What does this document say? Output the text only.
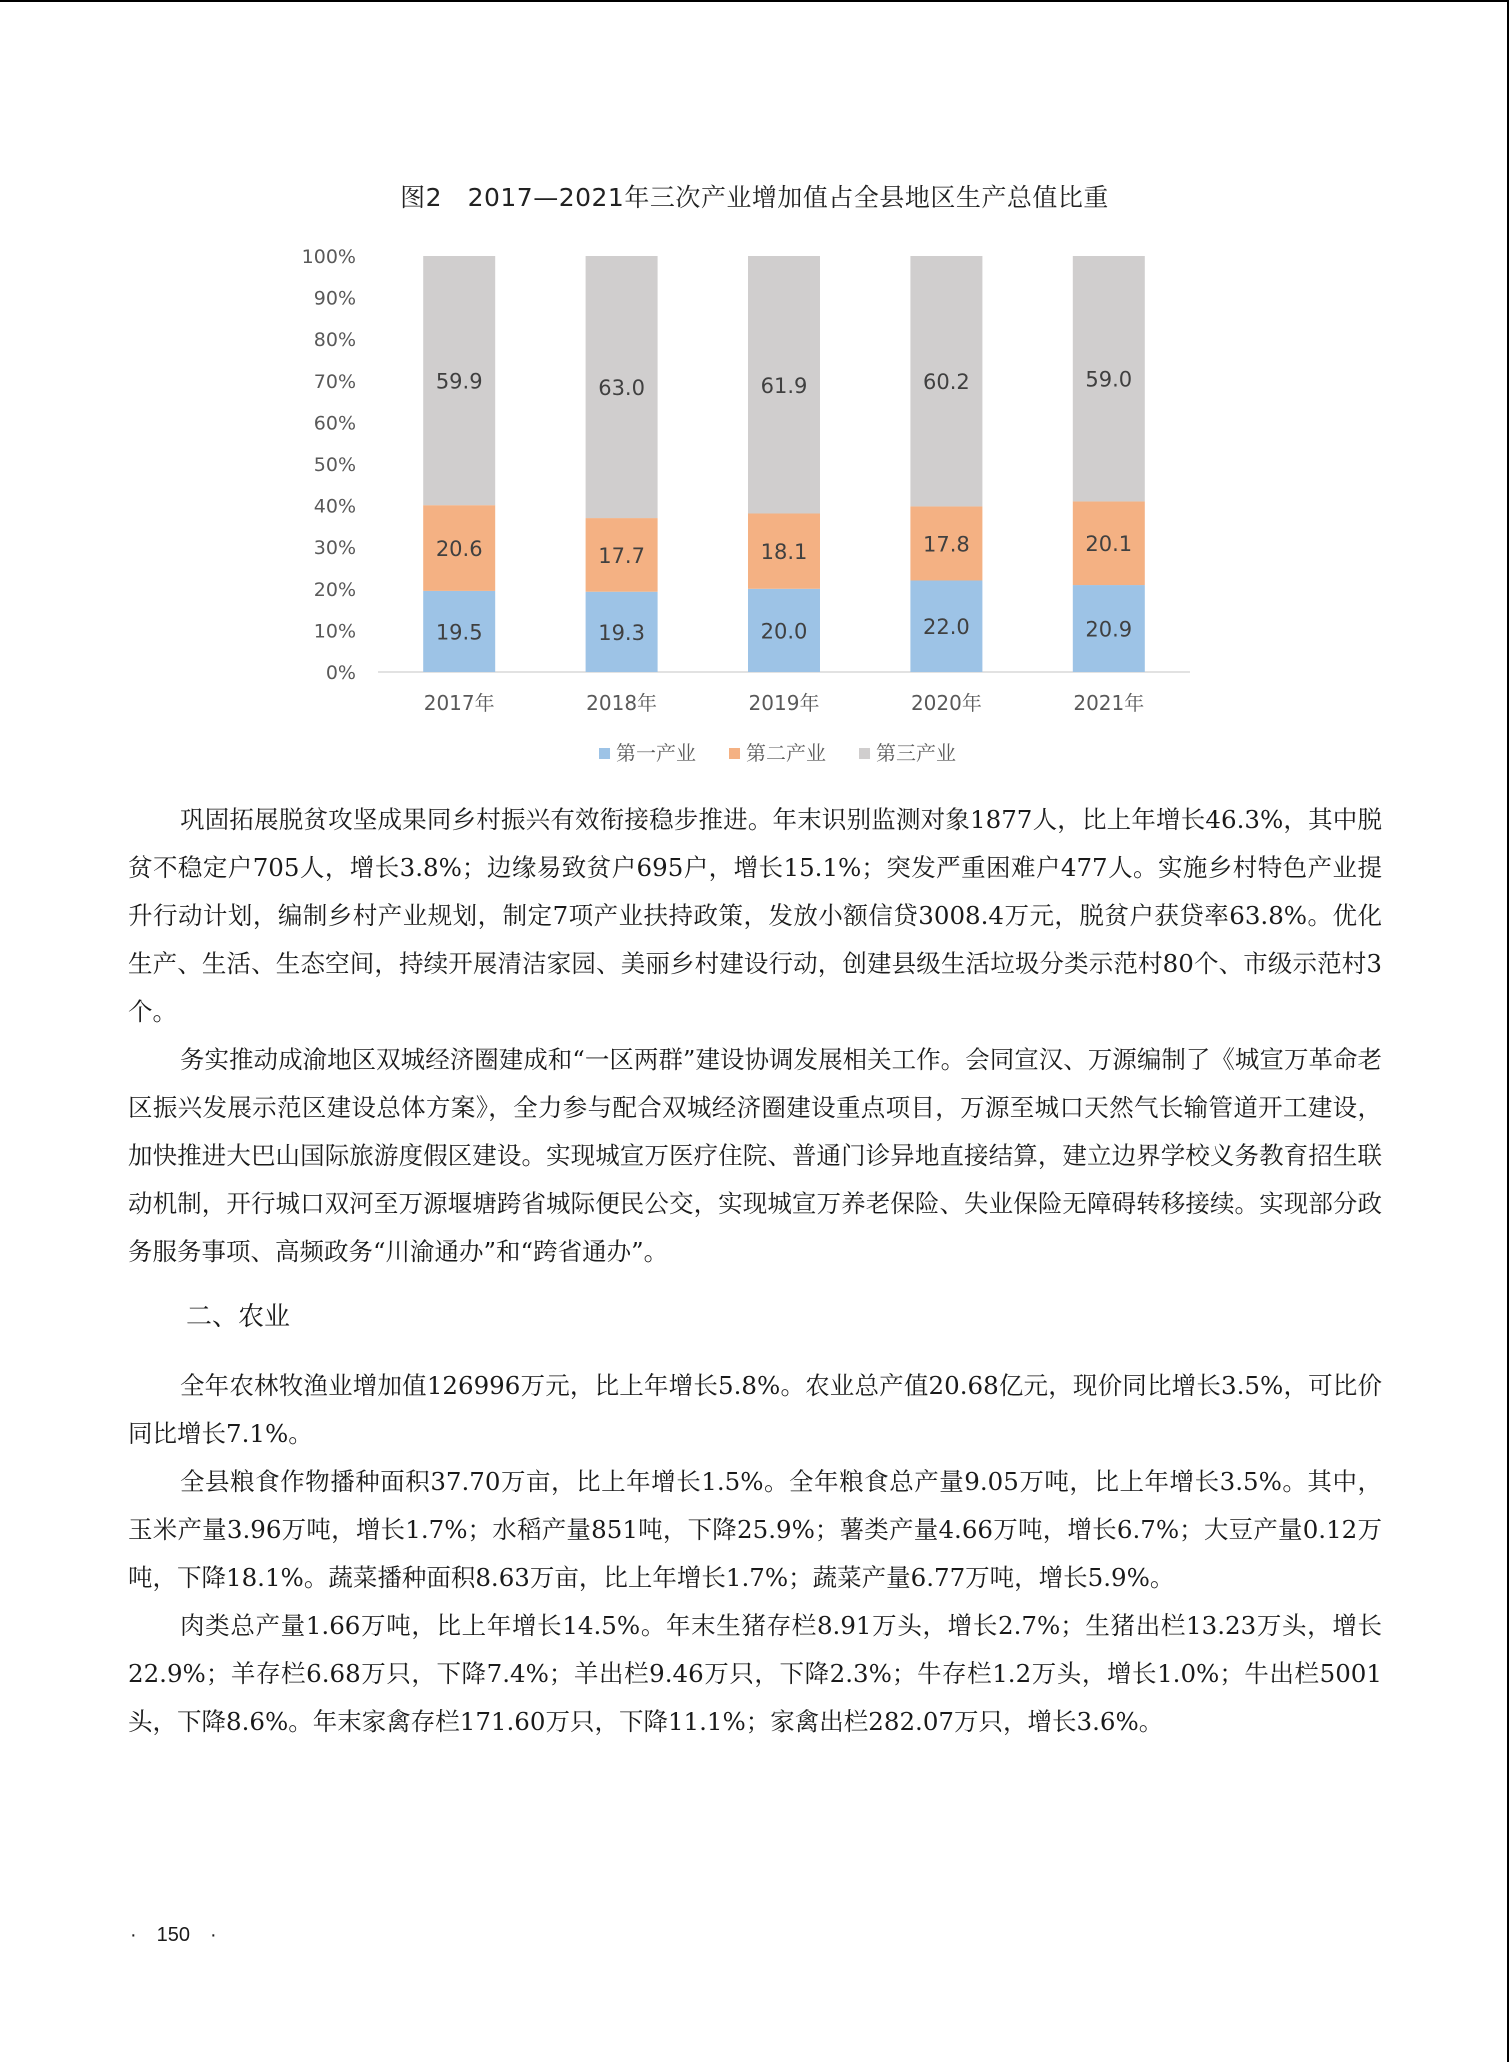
图2　2017—2021年三次产业增加值占全县地区生产总值比重
0%
10%
20%
30%
40%
50%
60%
70%
80%
90%
100%
19.5
20.6
59.9
2017年
19.3
17.7
63.0
2018年
20.0
18.1
61.9
2019年
22.0
17.8
60.2
2020年
20.9
20.1
59.0
2021年
第一产业	第二产业	第三产业

巩固拓展脱贫攻坚成果同乡村振兴有效衔接稳步推进。年末识别监测对象1877人，比上年增长46.3%，其中脱贫不稳定户705人，增长3.8%；边缘易致贫户695户，增长15.1%；突发严重困难户477人。实施乡村特色产业提升行动计划，编制乡村产业规划，制定7项产业扶持政策，发放小额信贷3008.4万元，脱贫户获贷率63.8%。优化生产、生活、生态空间，持续开展清洁家园、美丽乡村建设行动，创建县级生活垃圾分类示范村80个、市级示范村3个。

务实推动成渝地区双城经济圈建成和“一区两群”建设协调发展相关工作。会同宣汉、万源编制了《城宣万革命老区振兴发展示范区建设总体方案》，全力参与配合双城经济圈建设重点项目，万源至城口天然气长输管道开工建设，加快推进大巴山国际旅游度假区建设。实现城宣万医疗住院、普通门诊异地直接结算，建立边界学校义务教育招生联动机制，开行城口双河至万源堰塘跨省城际便民公交，实现城宣万养老保险、失业保险无障碍转移接续。实现部分政务服务事项、高频政务“川渝通办”和“跨省通办”。

二、农业

全年农林牧渔业增加值126996万元，比上年增长5.8%。农业总产值20.68亿元，现价同比增长3.5%，可比价同比增长7.1%。

全县粮食作物播种面积37.70万亩，比上年增长1.5%。全年粮食总产量9.05万吨，比上年增长3.5%。其中，玉米产量3.96万吨，增长1.7%；水稻产量851吨，下降25.9%；薯类产量4.66万吨，增长6.7%；大豆产量0.12万吨，下降18.1%。蔬菜播种面积8.63万亩，比上年增长1.7%；蔬菜产量6.77万吨，增长5.9%。

肉类总产量1.66万吨，比上年增长14.5%。年末生猪存栏8.91万头，增长2.7%；生猪出栏13.23万头，增长22.9%；羊存栏6.68万只，下降7.4%；羊出栏9.46万只，下降2.3%；牛存栏1.2万头，增长1.0%；牛出栏5001头，下降8.6%。年末家禽存栏171.60万只，下降11.1%；家禽出栏282.07万只，增长3.6%。

·　150　·
